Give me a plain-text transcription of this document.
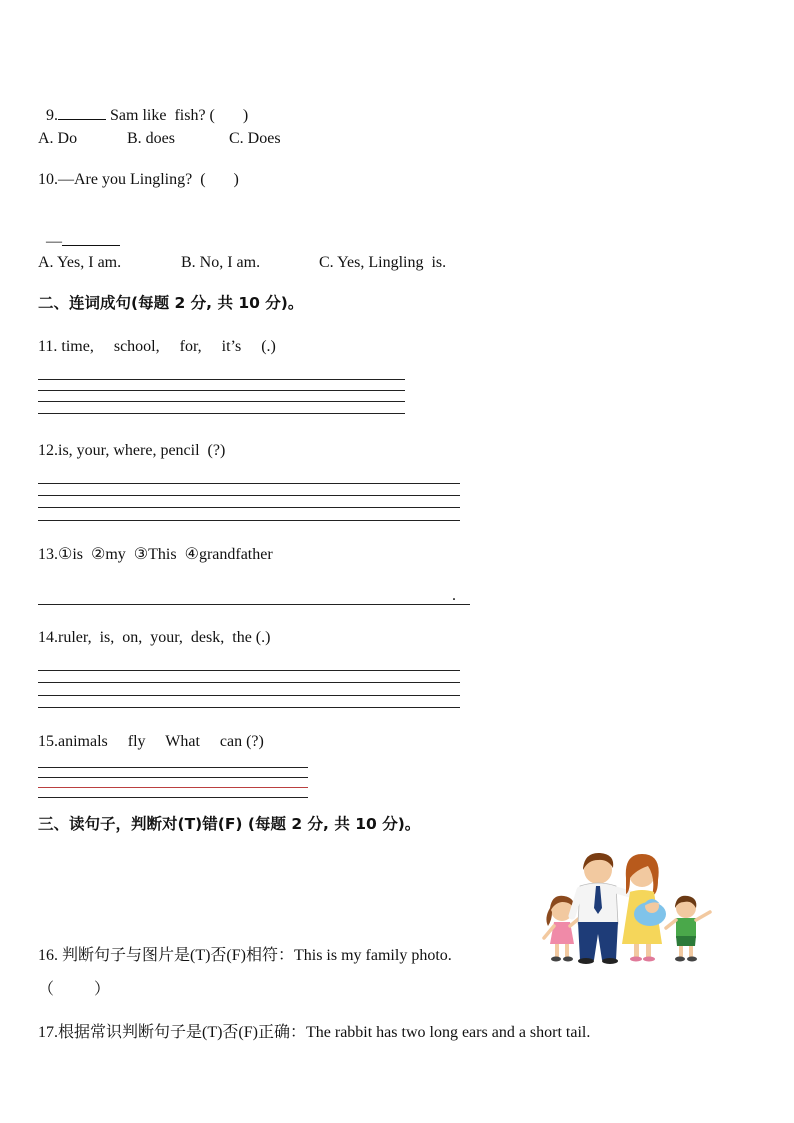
9.	Sam like  fish? (       )

A. Do	B. does	C. Does
10.—Are you Lingling?  (       )

—

A. Yes, I am.	B. No, I am.	C. Yes, Lingling  is.
二、连词成句(每题 2 分, 共 10 分)。
11. time,     school,     for,     it’s     (.)
12.is, your, where, pencil  (?)
13.①is  ②my  ③This  ④grandfather
.
14.ruler,  is,  on,  your,  desk,  the (.)
15.animals     fly     What     can (?)
三、读句子，判断对(T)错(F) (每题 2 分, 共 10 分)。
16. 判断句子与图片是(T)否(F)相符：This is my family photo.
（          ）
17.根据常识判断句子是(T)否(F)正确：The rabbit has two long ears and a short tail.
